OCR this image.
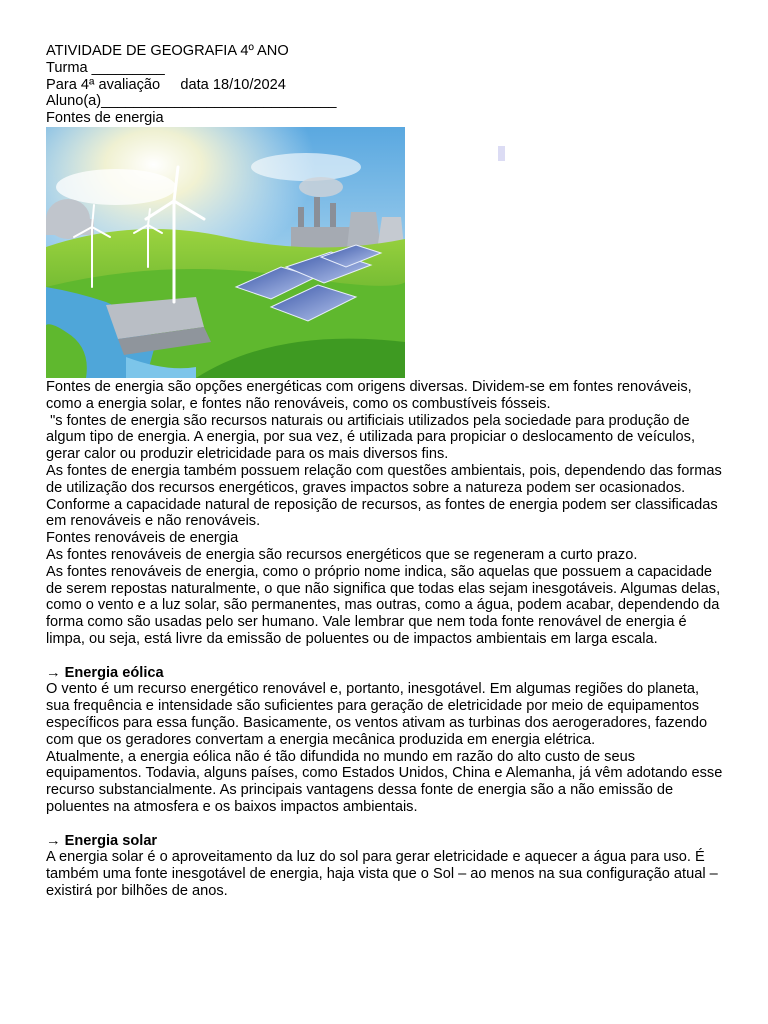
ATIVIDADE DE GEOGRAFIA 4º ANO
Turma _________
Para 4ª avaliação     data 18/10/2024
Aluno(a)_____________________________
Fontes de energia
Fontes de energia são opções energéticas com origens diversas. Dividem-se em fontes renováveis, como a energia solar, e fontes não renováveis, como os combustíveis fósseis.
"s fontes de energia são recursos naturais ou artificiais utilizados pela sociedade para produção de algum tipo de energia. A energia, por sua vez, é utilizada para propiciar o deslocamento de veículos, gerar calor ou produzir eletricidade para os mais diversos fins.
As fontes de energia também possuem relação com questões ambientais, pois, dependendo das formas de utilização dos recursos energéticos, graves impactos sobre a natureza podem ser ocasionados.
Conforme a capacidade natural de reposição de recursos, as fontes de energia podem ser classificadas em renováveis e não renováveis.
Fontes renováveis de energia
As fontes renováveis de energia são recursos energéticos que se regeneram a curto prazo.
As fontes renováveis de energia, como o próprio nome indica, são aquelas que possuem a capacidade de serem repostas naturalmente, o que não significa que todas elas sejam inesgotáveis. Algumas delas, como o vento e a luz solar, são permanentes, mas outras, como a água, podem acabar, dependendo da forma como são usadas pelo ser humano. Vale lembrar que nem toda fonte renovável de energia é limpa, ou seja, está livre da emissão de poluentes ou de impactos ambientais em larga escala.
→ Energia eólica
O vento é um recurso energético renovável e, portanto, inesgotável. Em algumas regiões do planeta, sua frequência e intensidade são suficientes para geração de eletricidade por meio de equipamentos específicos para essa função. Basicamente, os ventos ativam as turbinas dos aerogeradores, fazendo com que os geradores convertam a energia mecânica produzida em energia elétrica.
Atualmente, a energia eólica não é tão difundida no mundo em razão do alto custo de seus equipamentos. Todavia, alguns países, como Estados Unidos, China e Alemanha, já vêm adotando esse recurso substancialmente. As principais vantagens dessa fonte de energia são a não emissão de poluentes na atmosfera e os baixos impactos ambientais.
→ Energia solar
A energia solar é o aproveitamento da luz do sol para gerar eletricidade e aquecer a água para uso. É também uma fonte inesgotável de energia, haja vista que o Sol – ao menos na sua configuração atual – existirá por bilhões de anos.
